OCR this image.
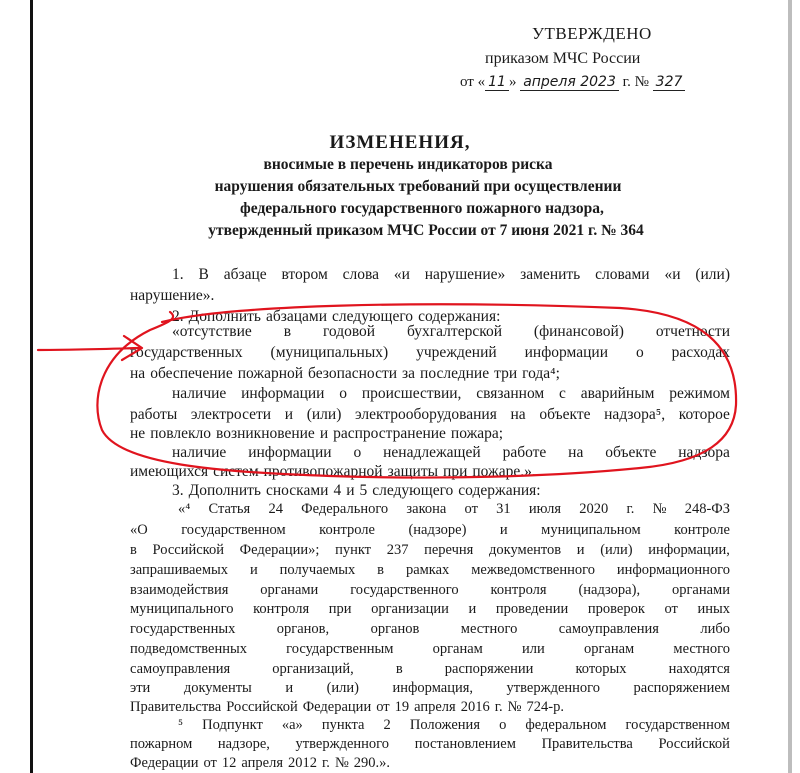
УТВЕРЖДЕНО
приказом МЧС России
от « 11 » апреля 2023 г. № 327
ИЗМЕНЕНИЯ,
вносимые в перечень индикаторов риска
нарушения обязательных требований при осуществлении
федерального государственного пожарного надзора,
утвержденный приказом МЧС России от 7 июня 2021 г. № 364
1. В абзаце втором слова «и нарушение» заменить словами «и (или)
нарушение».
2. Дополнить абзацами следующего содержания:
«отсутствие в годовой бухгалтерской (финансовой) отчетности
государственных (муниципальных) учреждений информации о расходах
на обеспечение пожарной безопасности за последние три года⁴;
наличие информации о происшествии, связанном с аварийным режимом
работы электросети и (или) электрооборудования на объекте надзора⁵, которое
не повлекло возникновение и распространение пожара;
наличие информации о ненадлежащей работе на объекте надзора
имеющихся систем противопожарной защиты при пожаре.».
3. Дополнить сносками 4 и 5 следующего содержания:
«⁴ Статья 24 Федерального закона от 31 июля 2020 г. № 248-ФЗ
«О государственном контроле (надзоре) и муниципальном контроле
в Российской Федерации»; пункт 237 перечня документов и (или) информации,
запрашиваемых и получаемых в рамках межведомственного информационного
взаимодействия органами государственного контроля (надзора), органами
муниципального контроля при организации и проведении проверок от иных
государственных	органов,	органов	местного	самоуправления	либо
подведомственных	государственным	органам	или	органам	местного
самоуправления	организаций,	в	распоряжении	которых	находятся
эти документы и (или) информация, утвержденного распоряжением
Правительства Российской Федерации от 19 апреля 2016 г. № 724-р.
⁵ Подпункт «а» пункта 2 Положения о федеральном государственном
пожарном надзоре, утвержденного постановлением Правительства Российской
Федерации от 12 апреля 2012 г. № 290.».
